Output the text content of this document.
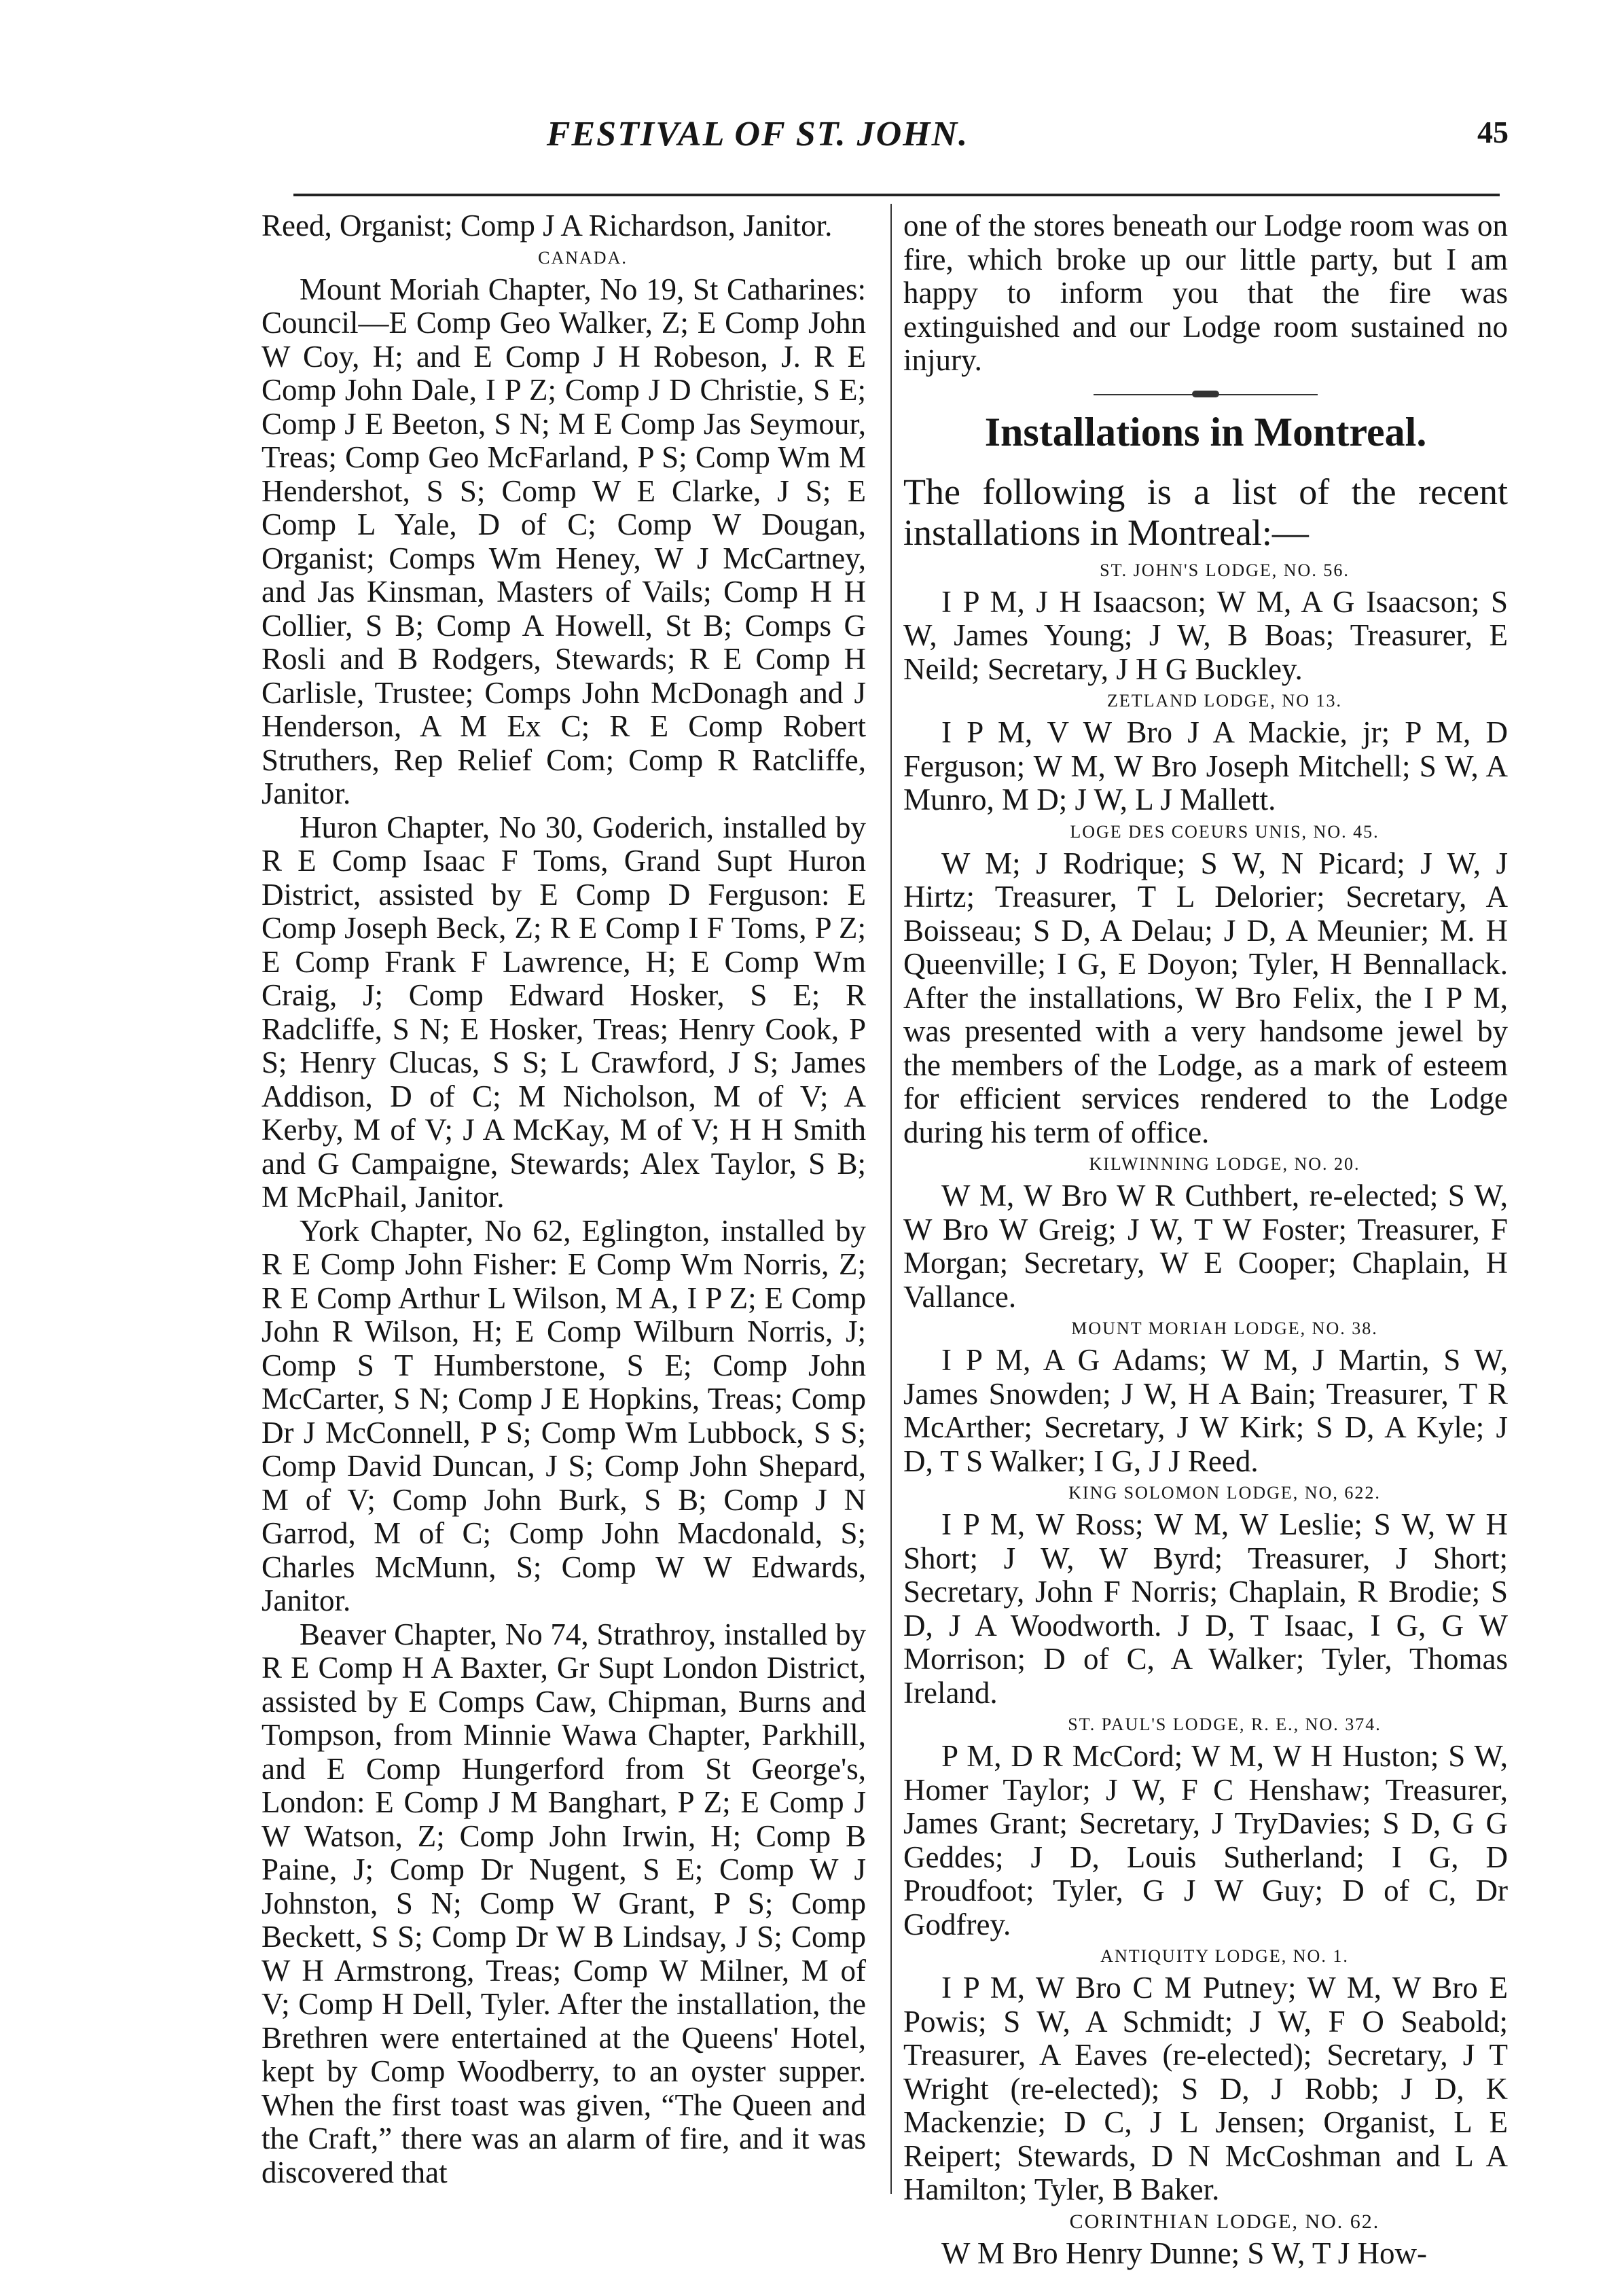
FESTIVAL OF ST. JOHN.	45

Reed, Organist; Comp J A Richardson, Janitor.

CANADA.

Mount Moriah Chapter, No 19, St Catharines: Council—E Comp Geo Walker, Z; E Comp John W Coy, H; and E Comp J H Robeson, J. R E Comp John Dale, I P Z; Comp J D Christie, S E; Comp J E Beeton, S N; M E Comp Jas Seymour, Treas; Comp Geo McFarland, P S; Comp Wm M Hendershot, S S; Comp W E Clarke, J S; E Comp L Yale, D of C; Comp W Dougan, Organist; Comps Wm Heney, W J McCartney, and Jas Kinsman, Masters of Vails; Comp H H Collier, S B; Comp A Howell, St B; Comps G Rosli and B Rodgers, Stewards; R E Comp H Carlisle, Trustee; Comps John McDonagh and J Henderson, A M Ex C; R E Comp Robert Struthers, Rep Relief Com; Comp R Ratcliffe, Janitor.

Huron Chapter, No 30, Goderich, installed by R E Comp Isaac F Toms, Grand Supt Huron District, assisted by E Comp D Ferguson: E Comp Joseph Beck, Z; R E Comp I F Toms, P Z; E Comp Frank F Lawrence, H; E Comp Wm Craig, J; Comp Edward Hosker, S E; R Radcliffe, S N; E Hosker, Treas; Henry Cook, P S; Henry Clucas, S S; L Crawford, J S; James Addison, D of C; M Nicholson, M of V; A Kerby, M of V; J A McKay, M of V; H H Smith and G Campaigne, Stewards; Alex Taylor, S B; M McPhail, Janitor.

York Chapter, No 62, Eglington, installed by R E Comp John Fisher: E Comp Wm Norris, Z; R E Comp Arthur L Wilson, M A, I P Z; E Comp John R Wilson, H; E Comp Wilburn Norris, J; Comp S T Humberstone, S E; Comp John McCarter, S N; Comp J E Hopkins, Treas; Comp Dr J McConnell, P S; Comp Wm Lubbock, S S; Comp David Duncan, J S; Comp John Shepard, M of V; Comp John Burk, S B; Comp J N Garrod, M of C; Comp John Macdonald, S; Charles McMunn, S; Comp W W Edwards, Janitor.

Beaver Chapter, No 74, Strathroy, installed by R E Comp H A Baxter, Gr Supt London District, assisted by E Comps Caw, Chipman, Burns and Tompson, from Minnie Wawa Chapter, Parkhill, and E Comp Hungerford from St George's, London: E Comp J M Banghart, P Z; E Comp J W Watson, Z; Comp John Irwin, H; Comp B Paine, J; Comp Dr Nugent, S E; Comp W J Johnston, S N; Comp W Grant, P S; Comp Beckett, S S; Comp Dr W B Lindsay, J S; Comp W H Armstrong, Treas; Comp W Milner, M of V; Comp H Dell, Tyler. After the installation, the Brethren were entertained at the Queens' Hotel, kept by Comp Woodberry, to an oyster supper. When the first toast was given, “The Queen and the Craft,” there was an alarm of fire, and it was discovered that

one of the stores beneath our Lodge room was on fire, which broke up our little party, but I am happy to inform you that the fire was extinguished and our Lodge room sustained no injury.

Installations in Montreal.

The following is a list of the recent installations in Montreal:—

ST. JOHN'S LODGE, NO. 56.

I P M, J H Isaacson; W M, A G Isaacson; S W, James Young; J W, B Boas; Treasurer, E Neild; Secretary, J H G Buckley.

ZETLAND LODGE, NO 13.

I P M, V W Bro J A Mackie, jr; P M, D Ferguson; W M, W Bro Joseph Mitchell; S W, A Munro, M D; J W, L J Mallett.

LOGE DES COEURS UNIS, NO. 45.

W M; J Rodrique; S W, N Picard; J W, J Hirtz; Treasurer, T L Delorier; Secretary, A Boisseau; S D, A Delau; J D, A Meunier; M. H Queenville; I G, E Doyon; Tyler, H Bennallack. After the installations, W Bro Felix, the I P M, was presented with a very handsome jewel by the members of the Lodge, as a mark of esteem for efficient services rendered to the Lodge during his term of office.

KILWINNING LODGE, NO. 20.

W M, W Bro W R Cuthbert, re-elected; S W, W Bro W Greig; J W, T W Foster; Treasurer, F Morgan; Secretary, W E Cooper; Chaplain, H Vallance.

MOUNT MORIAH LODGE, NO. 38.

I P M, A G Adams; W M, J Martin, S W, James Snowden; J W, H A Bain; Treasurer, T R McArther; Secretary, J W Kirk; S D, A Kyle; J D, T S Walker; I G, J J Reed.

KING SOLOMON LODGE, NO, 622.

I P M, W Ross; W M, W Leslie; S W, W H Short; J W, W Byrd; Treasurer, J Short; Secretary, John F Norris; Chaplain, R Brodie; S D, J A Woodworth. J D, T Isaac, I G, G W Morrison; D of C, A Walker; Tyler, Thomas Ireland.

ST. PAUL'S LODGE, R. E., NO. 374.

P M, D R McCord; W M, W H Huston; S W, Homer Taylor; J W, F C Henshaw; Treasurer, James Grant; Secretary, J TryDavies; S D, G G Geddes; J D, Louis Sutherland; I G, D Proudfoot; Tyler, G J W Guy; D of C, Dr Godfrey.

ANTIQUITY LODGE, NO. 1.

I P M, W Bro C M Putney; W M, W Bro E Powis; S W, A Schmidt; J W, F O Seabold; Treasurer, A Eaves (re-elected); Secretary, J T Wright (re-elected); S D, J Robb; J D, K Mackenzie; D C, J L Jensen; Organist, L E Reipert; Stewards, D N McCoshman and L A Hamilton; Tyler, B Baker.

CORINTHIAN LODGE, NO. 62.

W M Bro Henry Dunne; S W, T J How-
